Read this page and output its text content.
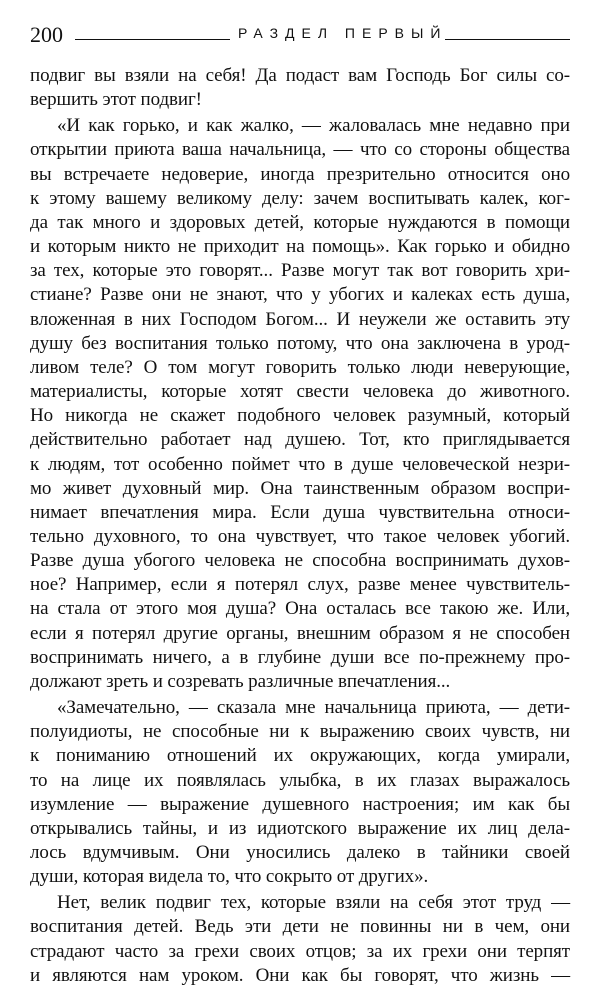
200	РАЗДЕЛ ПЕРВЫЙ

подвиг вы взяли на себя! Да подаст вам Господь Бог силы со-
вершить этот подвиг!

«И как горько, и как жалко, — жаловалась мне недавно при
открытии приюта ваша начальница, — что со стороны общества
вы встречаете недоверие, иногда презрительно относится оно
к этому вашему великому делу: зачем воспитывать калек, ког-
да так много и здоровых детей, которые нуждаются в помощи
и которым никто не приходит на помощь». Как горько и обидно
за тех, которые это говорят... Разве могут так вот говорить хри-
стиане? Разве они не знают, что у убогих и калеках есть душа,
вложенная в них Господом Богом... И неужели же оставить эту
душу без воспитания только потому, что она заключена в урод-
ливом теле? О том могут говорить только люди неверующие,
материалисты, которые хотят свести человека до животного.
Но никогда не скажет подобного человек разумный, который
действительно работает над душею. Тот, кто приглядывается
к людям, тот особенно поймет что в душе человеческой незри-
мо живет духовный мир. Она таинственным образом воспри-
нимает впечатления мира. Если душа чувствительна относи-
тельно духовного, то она чувствует, что такое человек убогий.
Разве душа убогого человека не способна воспринимать духов-
ное? Например, если я потерял слух, разве менее чувствитель-
на стала от этого моя душа? Она осталась все такою же. Или,
если я потерял другие органы, внешним образом я не способен
воспринимать ничего, а в глубине души все по-прежнему про-
должают зреть и созревать различные впечатления...

«Замечательно, — сказала мне начальница приюта, — дети-
полуидиоты, не способные ни к выражению своих чувств, ни
к пониманию отношений их окружающих, когда умирали,
то на лице их появлялась улыбка, в их глазах выражалось
изумление — выражение душевного настроения; им как бы
открывались тайны, и из идиотского выражение их лиц дела-
лось вдумчивым. Они уносились далеко в тайники своей
души, которая видела то, что сокрыто от других».

Нет, велик подвиг тех, которые взяли на себя этот труд —
воспитания детей. Ведь эти дети не повинны ни в чем, они
страдают часто за грехи своих отцов; за их грехи они терпят
и являются нам уроком. Они как бы говорят, что жизнь —
